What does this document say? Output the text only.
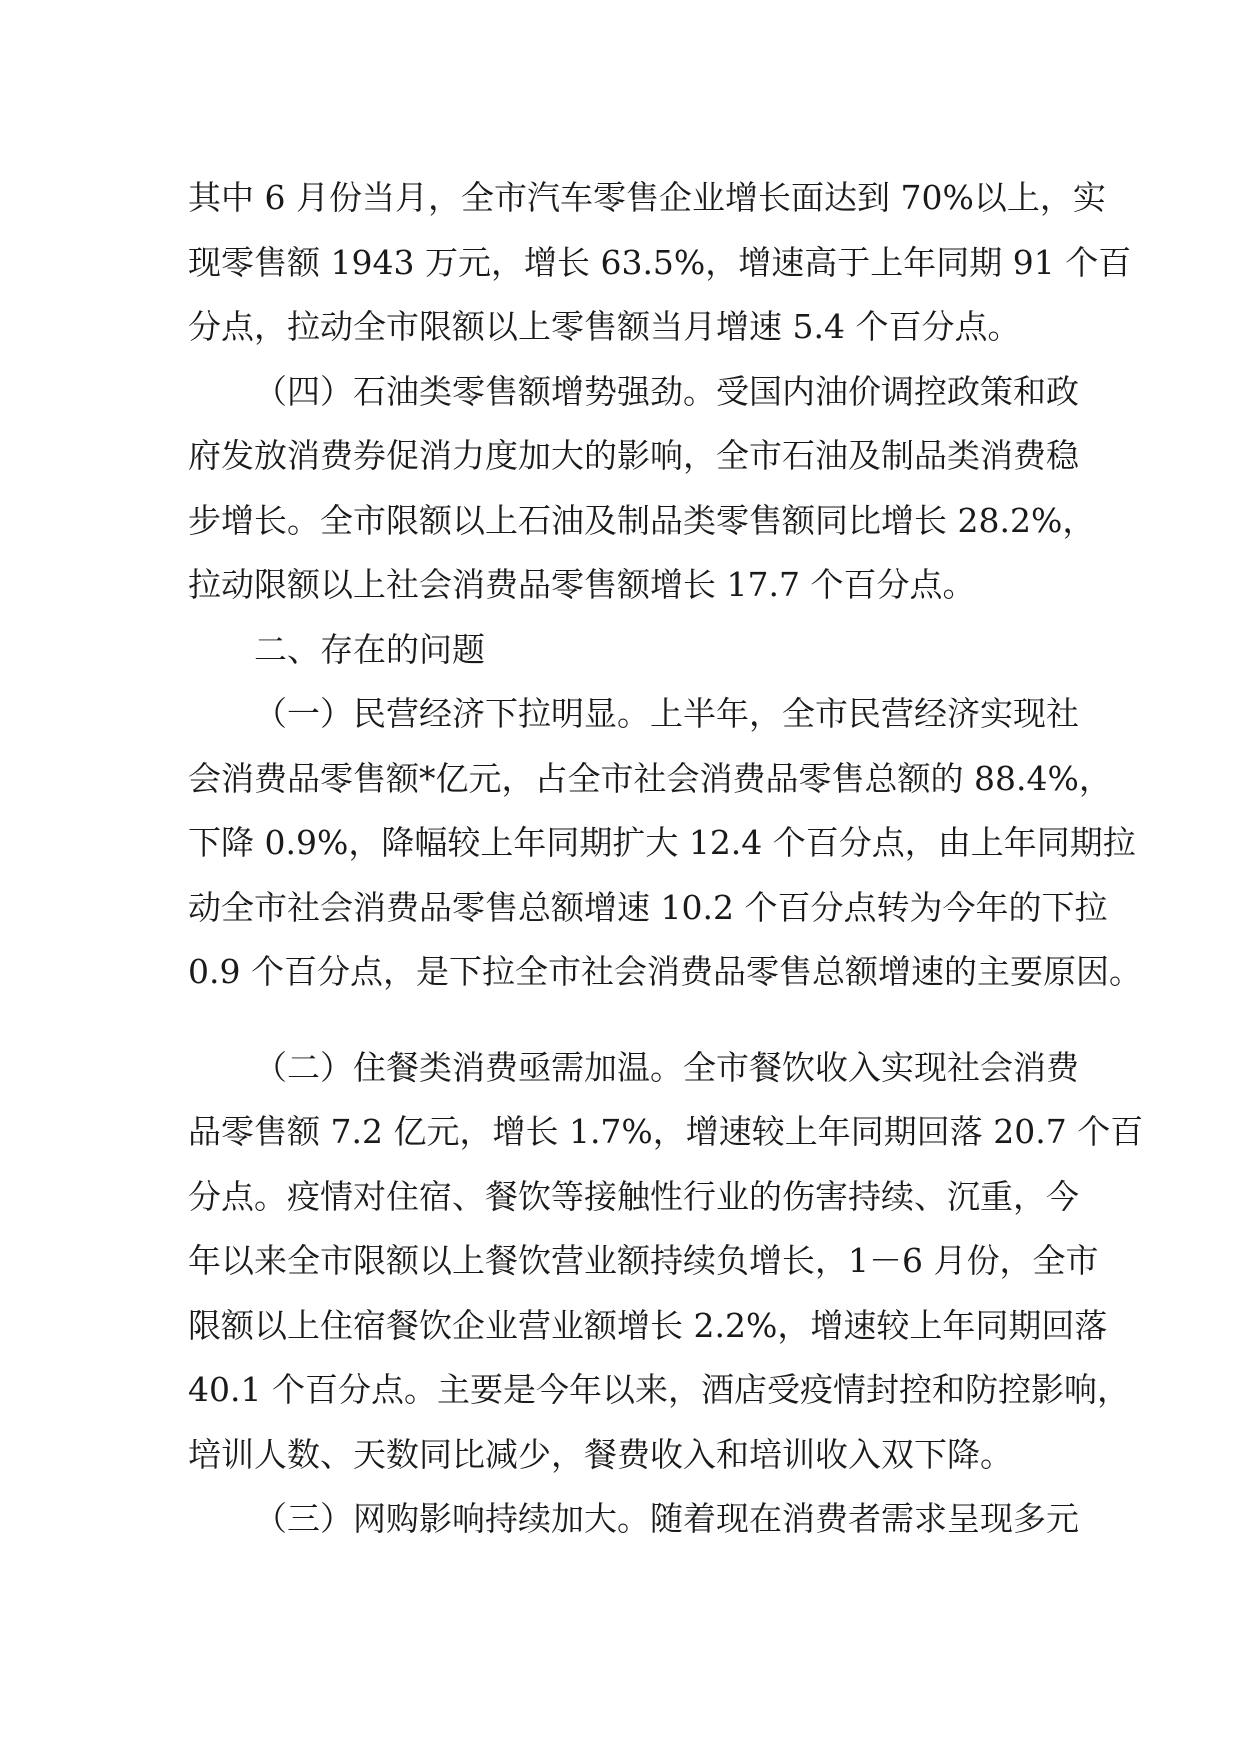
其中 6 月份当月，全市汽车零售企业增长面达到 70%以上，实
现零售额 1943 万元，增长 63.5%，增速高于上年同期 91 个百
分点，拉动全市限额以上零售额当月增速 5.4 个百分点。
（四）石油类零售额增势强劲。受国内油价调控政策和政
府发放消费券促消力度加大的影响，全市石油及制品类消费稳
步增长。全市限额以上石油及制品类零售额同比增长 28.2%，
拉动限额以上社会消费品零售额增长 17.7 个百分点。
二、存在的问题
（一）民营经济下拉明显。上半年，全市民营经济实现社
会消费品零售额*亿元，占全市社会消费品零售总额的 88.4%，
下降 0.9%，降幅较上年同期扩大 12.4 个百分点，由上年同期拉
动全市社会消费品零售总额增速 10.2 个百分点转为今年的下拉
0.9 个百分点，是下拉全市社会消费品零售总额增速的主要原因。
（二）住餐类消费亟需加温。全市餐饮收入实现社会消费
品零售额 7.2 亿元，增长 1.7%，增速较上年同期回落 20.7 个百
分点。疫情对住宿、餐饮等接触性行业的伤害持续、沉重，今
年以来全市限额以上餐饮营业额持续负增长，1－6 月份，全市
限额以上住宿餐饮企业营业额增长 2.2%，增速较上年同期回落
40.1 个百分点。主要是今年以来，酒店受疫情封控和防控影响，
培训人数、天数同比减少，餐费收入和培训收入双下降。
（三）网购影响持续加大。随着现在消费者需求呈现多元
